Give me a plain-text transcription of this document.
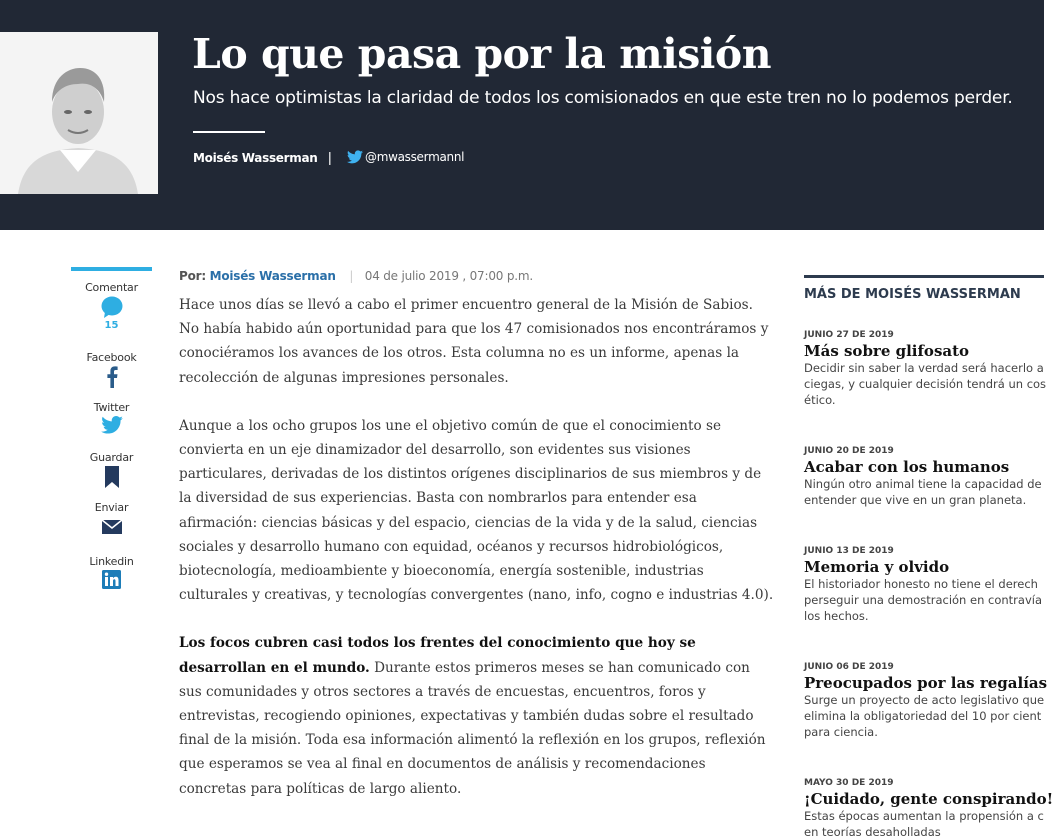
Lo que pasa por la misión
Nos hace optimistas la claridad de todos los comisionados en que este tren no lo podemos perder.
Moisés Wasserman |	@mwassermannl
Comentar
15
Facebook
Twitter
Guardar
Enviar
Linkedin
Por: Moisés Wasserman | 04 de julio 2019 , 07:00 p.m.

Hace unos días se llevó a cabo el primer encuentro general de la Misión de Sabios. No había habido aún oportunidad para que los 47 comisionados nos encontráramos y conociéramos los avances de los otros. Esta columna no es un informe, apenas la recolección de algunas impresiones personales.

Aunque a los ocho grupos los une el objetivo común de que el conocimiento se convierta en un eje dinamizador del desarrollo, son evidentes sus visiones particulares, derivadas de los distintos orígenes disciplinarios de sus miembros y de la diversidad de sus experiencias. Basta con nombrarlos para entender esa afirmación: ciencias básicas y del espacio, ciencias de la vida y de la salud, ciencias sociales y desarrollo humano con equidad, océanos y recursos hidrobiológicos, biotecnología, medioambiente y bioeconomía, energía sostenible, industrias culturales y creativas, y tecnologías convergentes (nano, info, cogno e industrias 4.0).

Los focos cubren casi todos los frentes del conocimiento que hoy se desarrollan en el mundo. Durante estos primeros meses se han comunicado con sus comunidades y otros sectores a través de encuestas, encuentros, foros y entrevistas, recogiendo opiniones, expectativas y también dudas sobre el resultado final de la misión. Toda esa información alimentó la reflexión en los grupos, reflexión que esperamos se vea al final en documentos de análisis y recomendaciones concretas para políticas de largo aliento.

MÁS DE MOISÉS WASSERMAN
JUNIO 27 DE 2019
Más sobre glifosato
Decidir sin saber la verdad será hacerlo a
ciegas, y cualquier decisión tendrá un cos
ético.
JUNIO 20 DE 2019
Acabar con los humanos
Ningún otro animal tiene la capacidad de
entender que vive en un gran planeta.
JUNIO 13 DE 2019
Memoria y olvido
El historiador honesto no tiene el derech
perseguir una demostración en contravía
los hechos.
JUNIO 06 DE 2019
Preocupados por las regalías
Surge un proyecto de acto legislativo que
elimina la obligatoriedad del 10 por cient
para ciencia.
MAYO 30 DE 2019
¡Cuidado, gente conspirando!
Estas épocas aumentan la propensión a c
en teorías desaholladas
